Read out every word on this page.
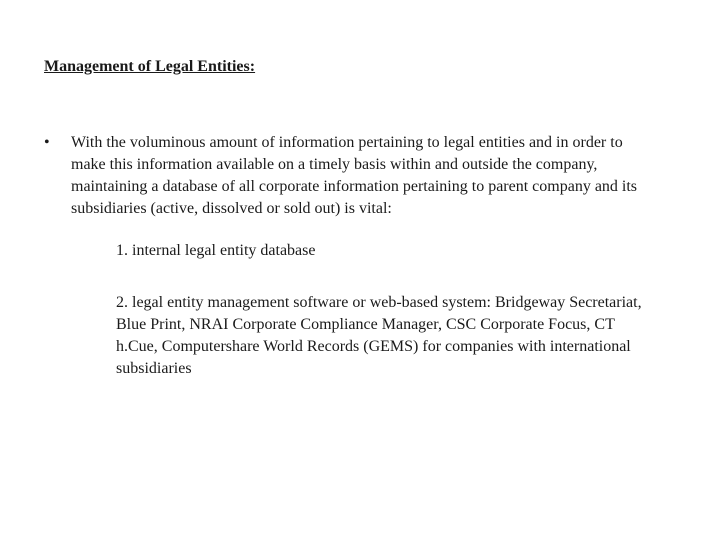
Management of Legal Entities:
• With the voluminous amount of information pertaining to legal entities and in order to make this information available on a timely basis within and outside the company, maintaining a database of all corporate information pertaining to parent company and its subsidiaries (active, dissolved or sold out) is vital:
1. internal legal entity database
2. legal entity management software or web-based system: Bridgeway Secretariat, Blue Print, NRAI Corporate Compliance Manager, CSC Corporate Focus, CT h.Cue, Computershare World Records (GEMS) for companies with international subsidiaries
